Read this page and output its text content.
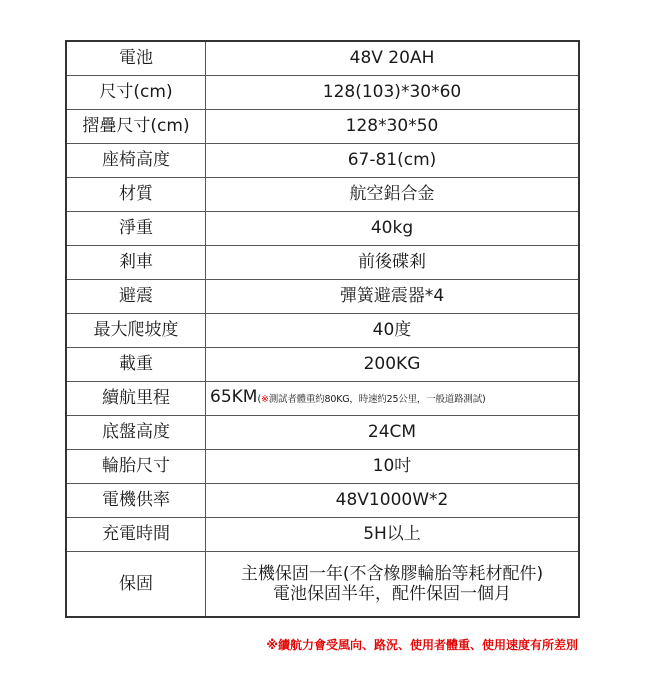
電池	48V 20AH
尺寸(cm)	128(103)*30*60
摺疊尺寸(cm)	128*30*50
座椅高度	67-81(cm)
材質	航空鋁合金
淨重	40kg
剎車	前後碟剎
避震	彈簧避震器*4
最大爬坡度	40度
載重	200KG
續航里程	65KM(※測試者體重約80KG，時速約25公里，一般道路測試)
底盤高度	24CM
輪胎尺寸	10吋
電機供率	48V1000W*2
充電時間	5H以上
保固	主機保固一年(不含橡膠輪胎等耗材配件)
電池保固半年，配件保固一個月
※續航力會受風向、路況、使用者體重、使用速度有所差別
